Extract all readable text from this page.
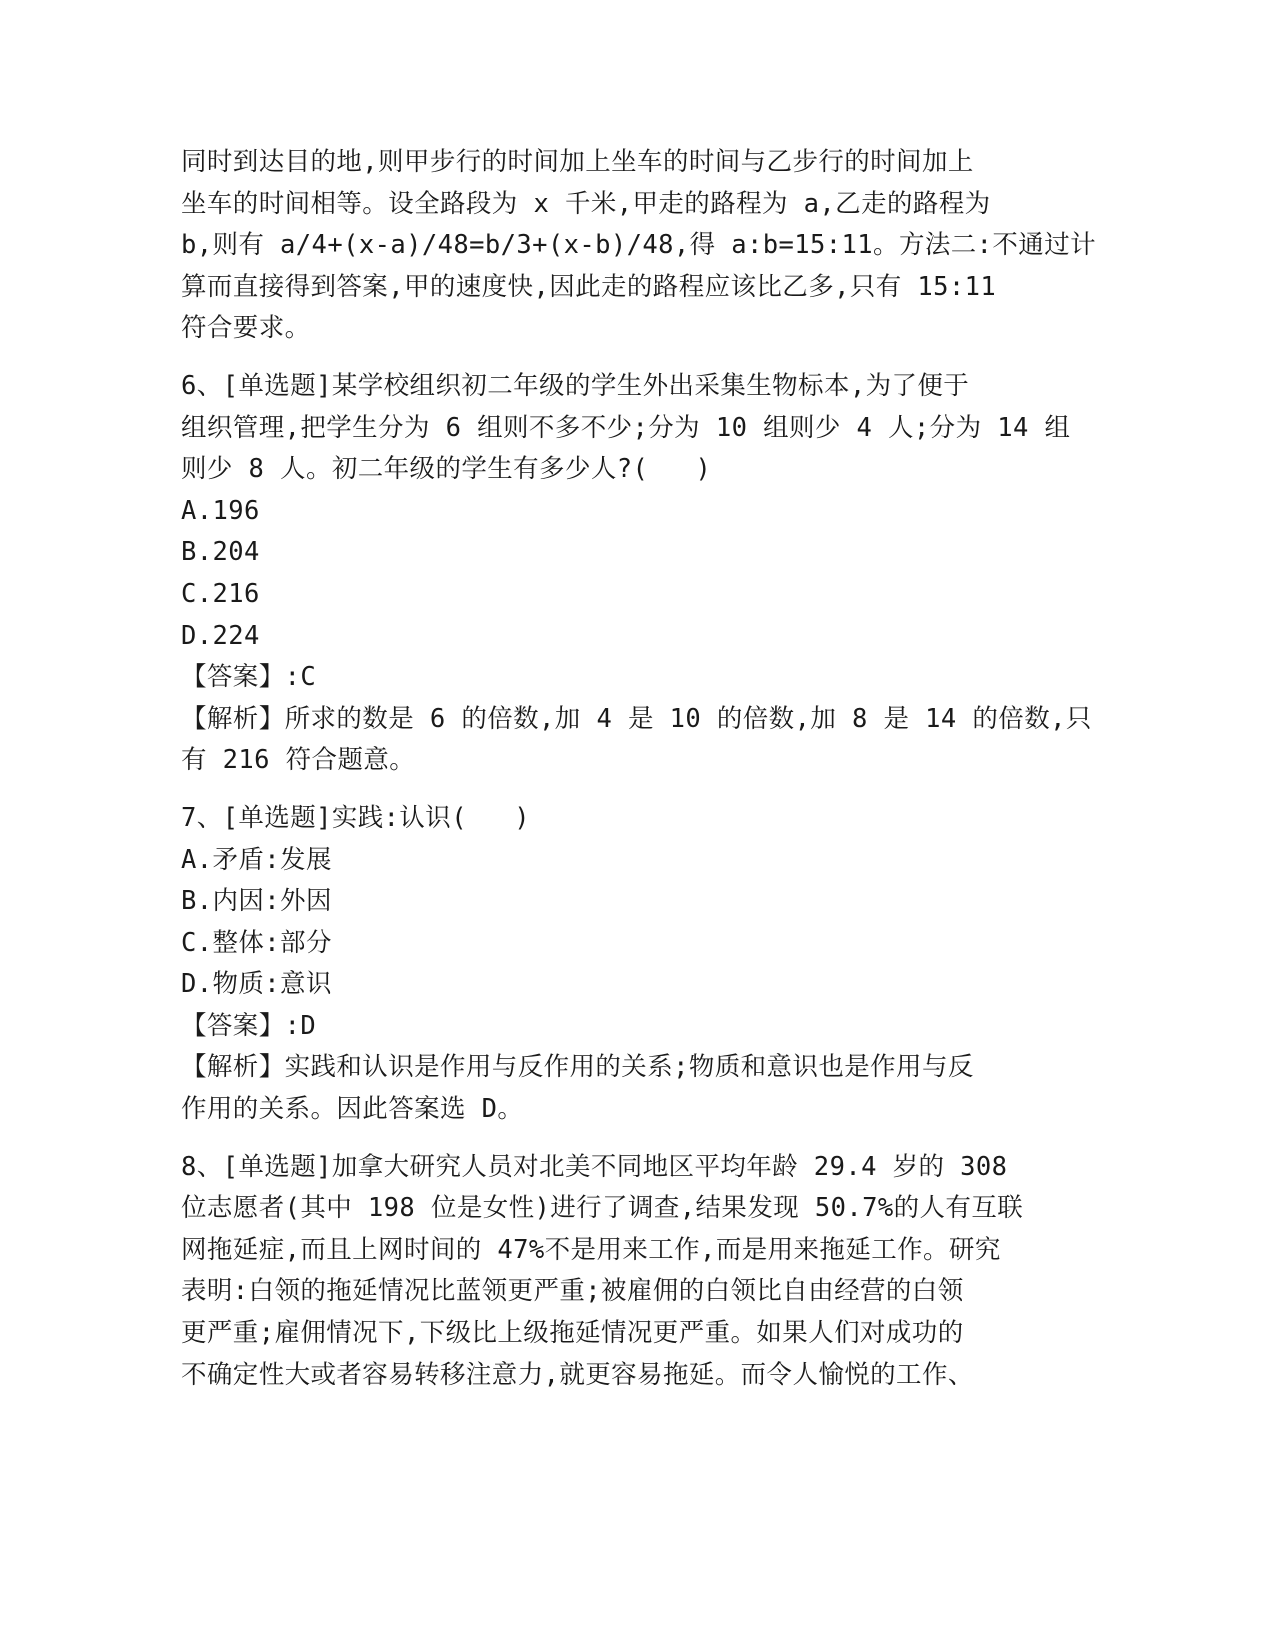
同时到达目的地,则甲步行的时间加上坐车的时间与乙步行的时间加上
坐车的时间相等。设全路段为 x 千米,甲走的路程为 a,乙走的路程为
b,则有 a/4+(x-a)/48=b/3+(x-b)/48,得 a:b=15:11。方法二:不通过计
算而直接得到答案,甲的速度快,因此走的路程应该比乙多,只有 15:11
符合要求。
6、[单选题]某学校组织初二年级的学生外出采集生物标本,为了便于
组织管理,把学生分为 6 组则不多不少;分为 10 组则少 4 人;分为 14 组
则少 8 人。初二年级的学生有多少人?(   )
A.196
B.204
C.216
D.224
【答案】:C
【解析】所求的数是 6 的倍数,加 4 是 10 的倍数,加 8 是 14 的倍数,只
有 216 符合题意。
7、[单选题]实践:认识(   )
A.矛盾:发展
B.内因:外因
C.整体:部分
D.物质:意识
【答案】:D
【解析】实践和认识是作用与反作用的关系;物质和意识也是作用与反
作用的关系。因此答案选 D。
8、[单选题]加拿大研究人员对北美不同地区平均年龄 29.4 岁的 308
位志愿者(其中 198 位是女性)进行了调查,结果发现 50.7%的人有互联
网拖延症,而且上网时间的 47%不是用来工作,而是用来拖延工作。研究
表明:白领的拖延情况比蓝领更严重;被雇佣的白领比自由经营的白领
更严重;雇佣情况下,下级比上级拖延情况更严重。如果人们对成功的
不确定性大或者容易转移注意力,就更容易拖延。而令人愉悦的工作、
